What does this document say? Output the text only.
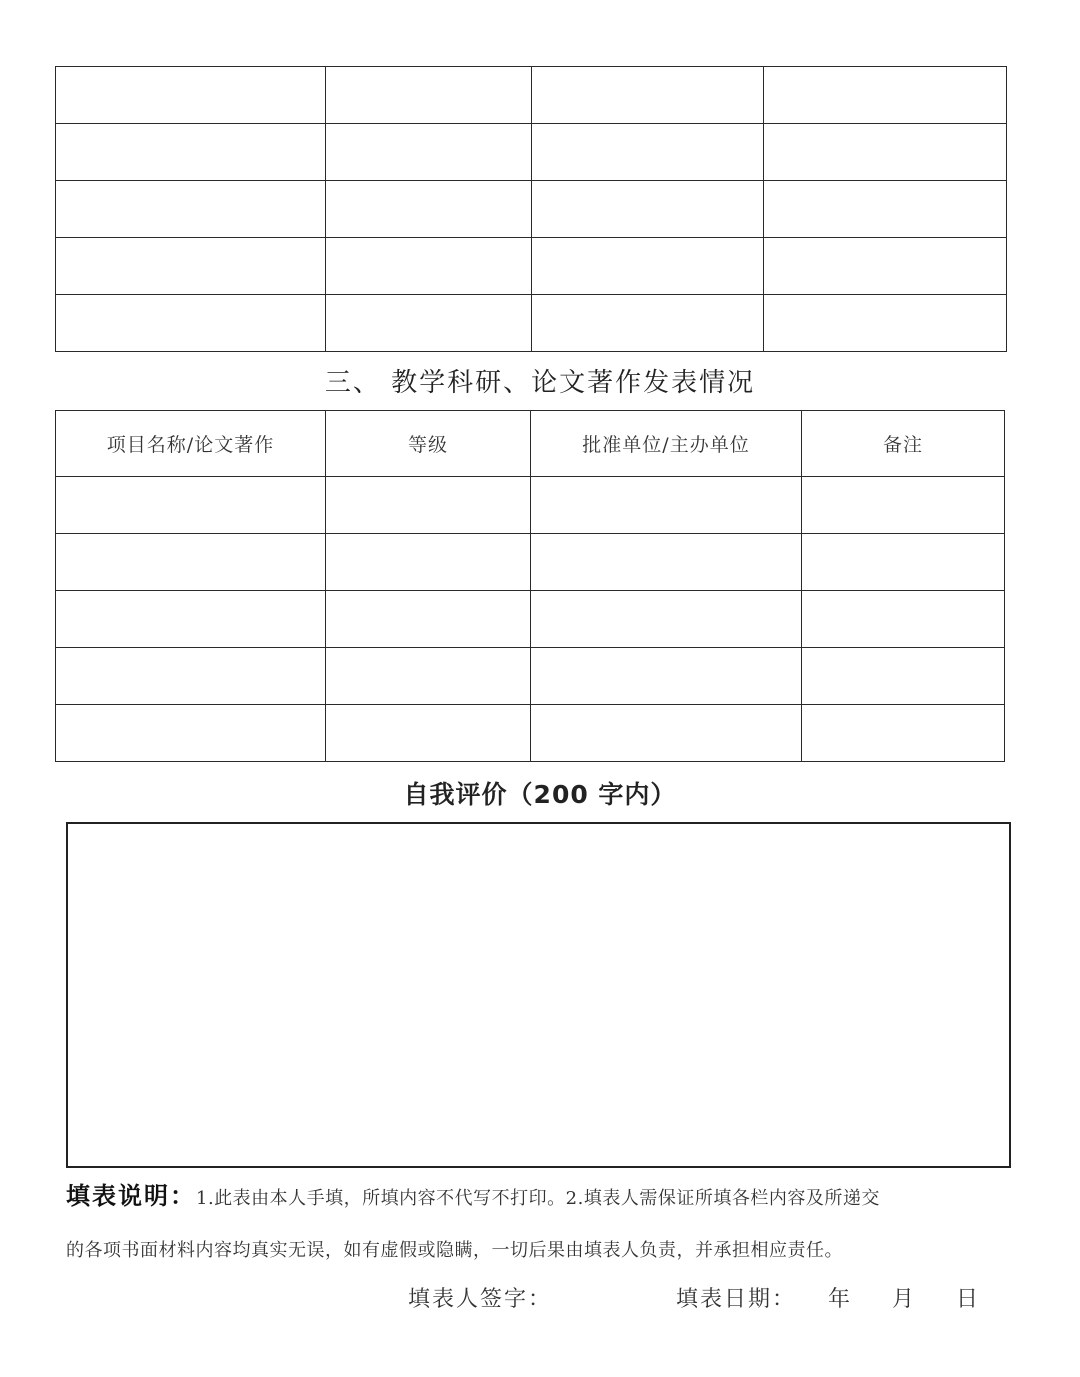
三、 教学科研、论文著作发表情况
项目名称/论文著作	等级	批准单位/主办单位	备注

自我评价（200 字内）
填表说明：1.此表由本人手填，所填内容不代写不打印。2.填表人需保证所填各栏内容及所递交
的各项书面材料内容均真实无误，如有虚假或隐瞒，一切后果由填表人负责，并承担相应责任。
填表人签字：	填表日期： 年 月 日
